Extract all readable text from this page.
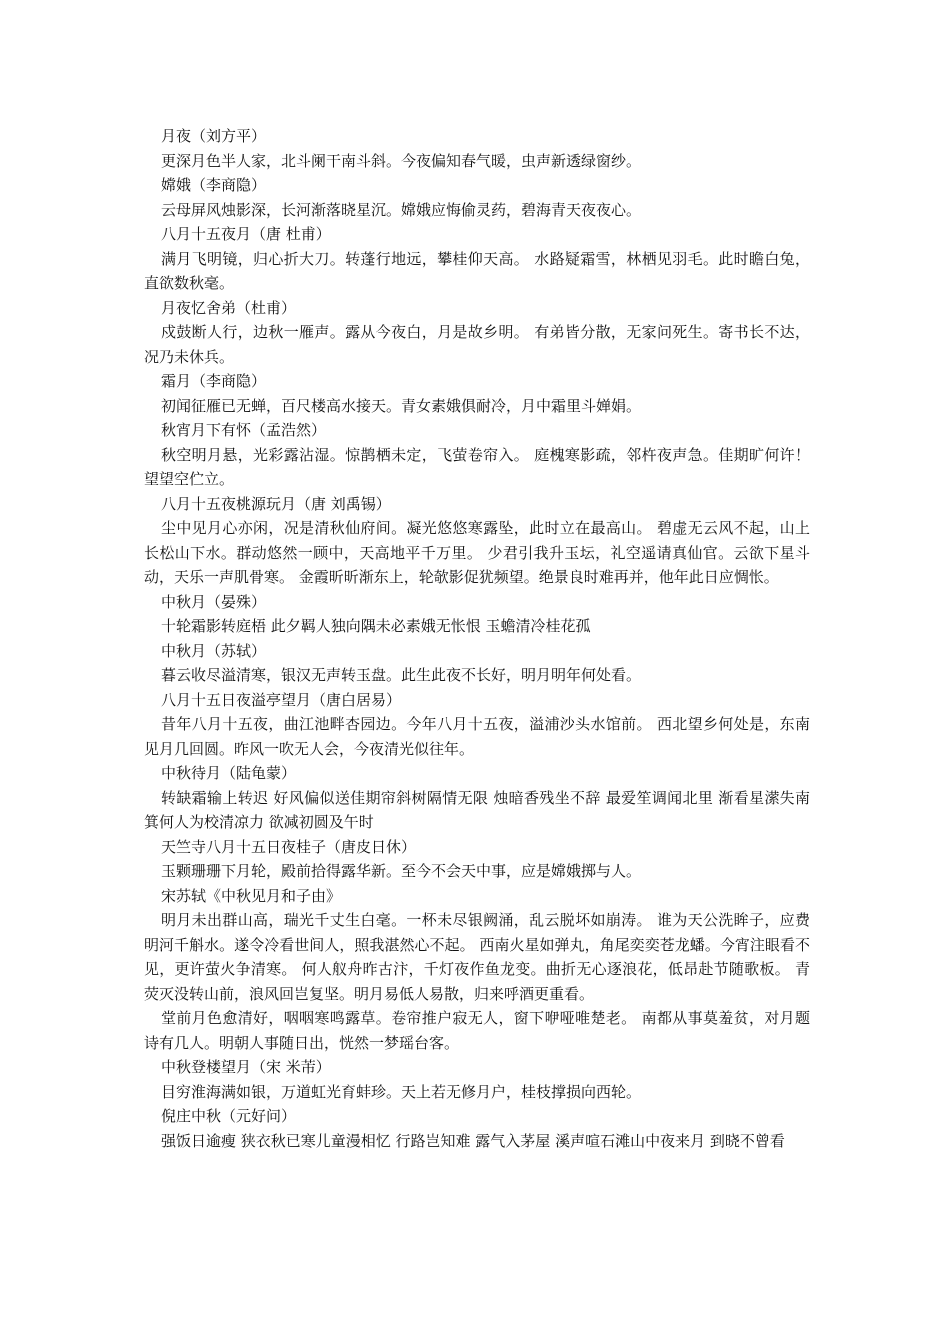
月夜（刘方平）

更深月色半人家，北斗阑干南斗斜。今夜偏知春气暖，虫声新透绿窗纱。

嫦娥（李商隐）

云母屏风烛影深，长河渐落晓星沉。嫦娥应悔偷灵药，碧海青天夜夜心。

八月十五夜月（唐 杜甫）

满月飞明镜，归心折大刀。转蓬行地远，攀桂仰天高。 水路疑霜雪，林栖见羽毛。此时瞻白兔，直欲数秋毫。

月夜忆舍弟（杜甫）

戍鼓断人行，边秋一雁声。露从今夜白，月是故乡明。 有弟皆分散，无家问死生。寄书长不达，况乃未休兵。

霜月（李商隐）

初闻征雁已无蝉，百尺楼高水接天。青女素娥俱耐冷，月中霜里斗婵娟。

秋宵月下有怀（孟浩然）

秋空明月悬，光彩露沾湿。惊鹊栖未定，飞萤卷帘入。 庭槐寒影疏，邻杵夜声急。佳期旷何许！望望空伫立。

八月十五夜桃源玩月（唐 刘禹锡）

尘中见月心亦闲，况是清秋仙府间。凝光悠悠寒露坠，此时立在最高山。 碧虚无云风不起，山上长松山下水。群动悠然一顾中，天高地平千万里。 少君引我升玉坛，礼空遥请真仙官。云欲下星斗动，天乐一声肌骨寒。 金霞昕昕渐东上，轮欹影促犹频望。绝景良时难再并，他年此日应惆怅。

中秋月（晏殊）

十轮霜影转庭梧 此夕羁人独向隅未必素娥无怅恨 玉蟾清冷桂花孤

中秋月（苏轼）

暮云收尽溢清寒，银汉无声转玉盘。此生此夜不长好，明月明年何处看。

八月十五日夜溢亭望月（唐白居易）

昔年八月十五夜，曲江池畔杏园边。今年八月十五夜，溢浦沙头水馆前。 西北望乡何处是，东南见月几回圆。昨风一吹无人会，今夜清光似往年。

中秋待月（陆龟蒙）

转缺霜输上转迟 好风偏似送佳期帘斜树隔情无限 烛暗香残坐不辞 最爱笙调闻北里 渐看星潆失南箕何人为校清凉力 欲减初圆及午时

天竺寺八月十五日夜桂子（唐皮日休）

玉颗珊珊下月轮，殿前拾得露华新。至今不会天中事，应是嫦娥掷与人。

宋苏轼《中秋见月和子由》

明月未出群山高，瑞光千丈生白毫。一杯未尽银阙涌，乱云脱坏如崩涛。 谁为天公洗眸子，应费明河千斛水。遂令冷看世间人，照我湛然心不起。 西南火星如弹丸，角尾奕奕苍龙蟠。今宵注眼看不见，更许萤火争清寒。 何人舣舟昨古汴，千灯夜作鱼龙变。曲折无心逐浪花，低昂赴节随歌板。 青荧灭没转山前，浪风回岂复坚。明月易低人易散，归来呼酒更重看。

堂前月色愈清好，咽咽寒鸣露草。卷帘推户寂无人，窗下咿哑唯楚老。 南都从事莫羞贫，对月题诗有几人。明朝人事随日出，恍然一梦瑶台客。

中秋登楼望月（宋 米芾）

目穷淮海满如银，万道虹光育蚌珍。天上若无修月户，桂枝撑损向西轮。

倪庄中秋（元好问）

强饭日逾瘦 狭衣秋已寒儿童漫相忆 行路岂知难 露气入茅屋 溪声喧石滩山中夜来月 到晓不曾看
